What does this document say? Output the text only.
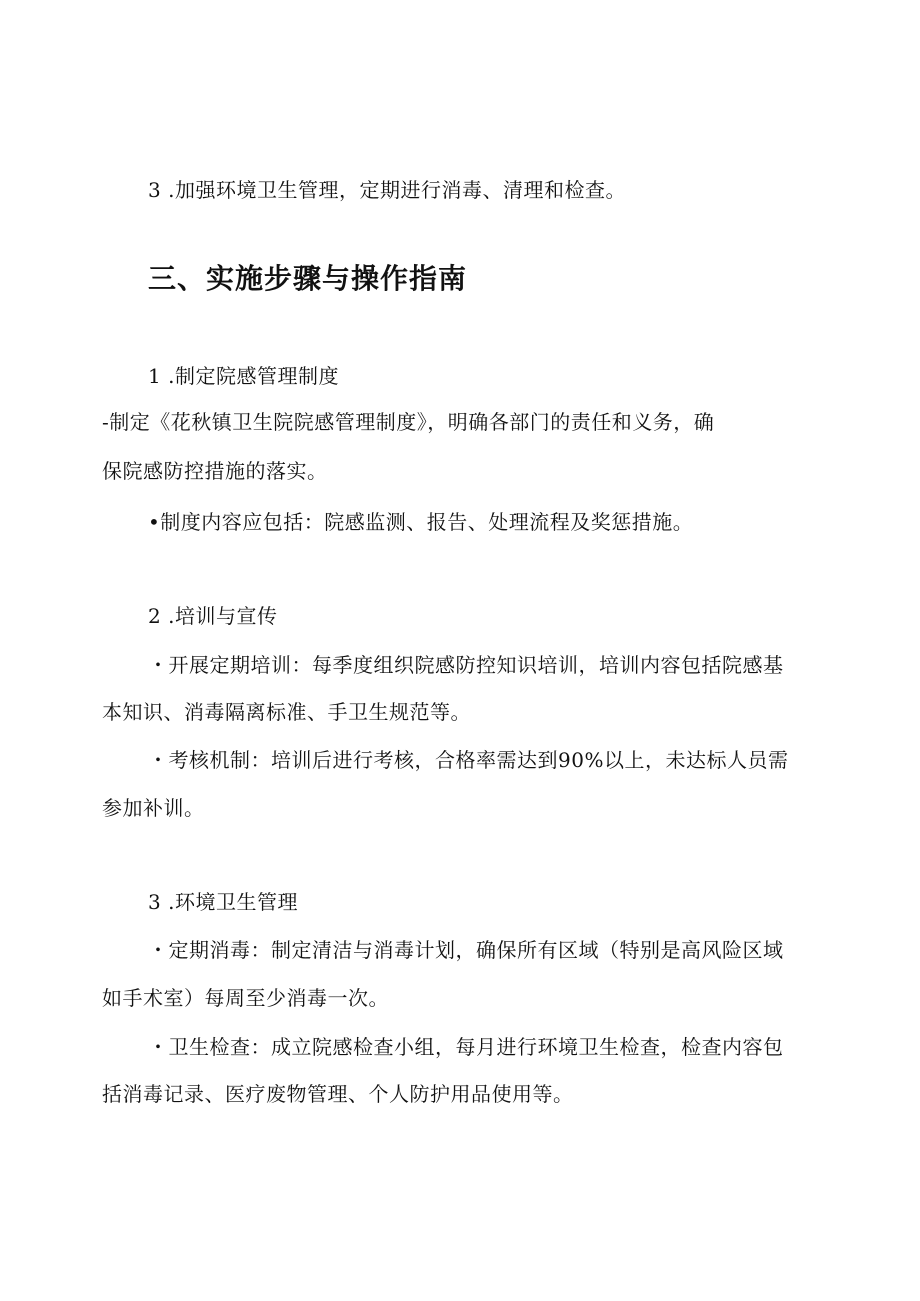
3 .加强环境卫生管理，定期进行消毒、清理和检查。
三、实施步骤与操作指南
1 .制定院感管理制度
-制定《花秋镇卫生院院感管理制度》，明确各部门的责任和义务，确
保院感防控措施的落实。
•制度内容应包括：院感监测、报告、处理流程及奖惩措施。
2 .培训与宣传
・开展定期培训：每季度组织院感防控知识培训，培训内容包括院感基
本知识、消毒隔离标准、手卫生规范等。
・考核机制：培训后进行考核，合格率需达到90%以上，未达标人员需
参加补训。
3 .环境卫生管理
・定期消毒：制定清洁与消毒计划，确保所有区域（特别是高风险区域
如手术室）每周至少消毒一次。
・卫生检查：成立院感检查小组，每月进行环境卫生检查，检查内容包
括消毒记录、医疗废物管理、个人防护用品使用等。
